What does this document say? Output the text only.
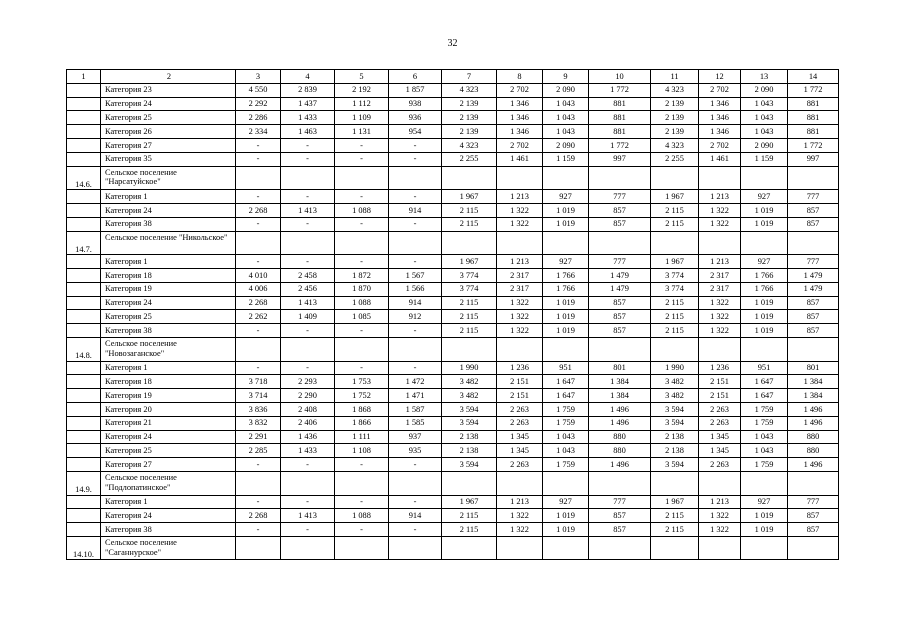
32
1	2	3	4	5	6	7	8	9	10	11	12	13	14
	Категория 23	4 550	2 839	2 192	1 857	4 323	2 702	2 090	1 772	4 323	2 702	2 090	1 772
	Категория 24	2 292	1 437	1 112	938	2 139	1 346	1 043	881	2 139	1 346	1 043	881
	Категория 25	2 286	1 433	1 109	936	2 139	1 346	1 043	881	2 139	1 346	1 043	881
	Категория 26	2 334	1 463	1 131	954	2 139	1 346	1 043	881	2 139	1 346	1 043	881
	Категория 27	-	-	-	-	4 323	2 702	2 090	1 772	4 323	2 702	2 090	1 772
	Категория 35	-	-	-	-	2 255	1 461	1 159	997	2 255	1 461	1 159	997
14.6.	Сельское поселение "Нарсатуйское"												
	Категория 1	-	-	-	-	1 967	1 213	927	777	1 967	1 213	927	777
	Категория 24	2 268	1 413	1 088	914	2 115	1 322	1 019	857	2 115	1 322	1 019	857
	Категория 38	-	-	-	-	2 115	1 322	1 019	857	2 115	1 322	1 019	857
14.7.	Сельское поселение "Никольское"												
	Категория 1	-	-	-	-	1 967	1 213	927	777	1 967	1 213	927	777
	Категория 18	4 010	2 458	1 872	1 567	3 774	2 317	1 766	1 479	3 774	2 317	1 766	1 479
	Категория 19	4 006	2 456	1 870	1 566	3 774	2 317	1 766	1 479	3 774	2 317	1 766	1 479
	Категория 24	2 268	1 413	1 088	914	2 115	1 322	1 019	857	2 115	1 322	1 019	857
	Категория 25	2 262	1 409	1 085	912	2 115	1 322	1 019	857	2 115	1 322	1 019	857
	Категория 38	-	-	-	-	2 115	1 322	1 019	857	2 115	1 322	1 019	857
14.8.	Сельское поселение "Новозаганское"												
	Категория 1	-	-	-	-	1 990	1 236	951	801	1 990	1 236	951	801
	Категория 18	3 718	2 293	1 753	1 472	3 482	2 151	1 647	1 384	3 482	2 151	1 647	1 384
	Категория 19	3 714	2 290	1 752	1 471	3 482	2 151	1 647	1 384	3 482	2 151	1 647	1 384
	Категория 20	3 836	2 408	1 868	1 587	3 594	2 263	1 759	1 496	3 594	2 263	1 759	1 496
	Категория 21	3 832	2 406	1 866	1 585	3 594	2 263	1 759	1 496	3 594	2 263	1 759	1 496
	Категория 24	2 291	1 436	1 111	937	2 138	1 345	1 043	880	2 138	1 345	1 043	880
	Категория 25	2 285	1 433	1 108	935	2 138	1 345	1 043	880	2 138	1 345	1 043	880
	Категория 27	-	-	-	-	3 594	2 263	1 759	1 496	3 594	2 263	1 759	1 496
14.9.	Сельское поселение "Подлопатинское"												
	Категория 1	-	-	-	-	1 967	1 213	927	777	1 967	1 213	927	777
	Категория 24	2 268	1 413	1 088	914	2 115	1 322	1 019	857	2 115	1 322	1 019	857
	Категория 38	-	-	-	-	2 115	1 322	1 019	857	2 115	1 322	1 019	857
14.10.	Сельское поселение "Саганнурское"												
